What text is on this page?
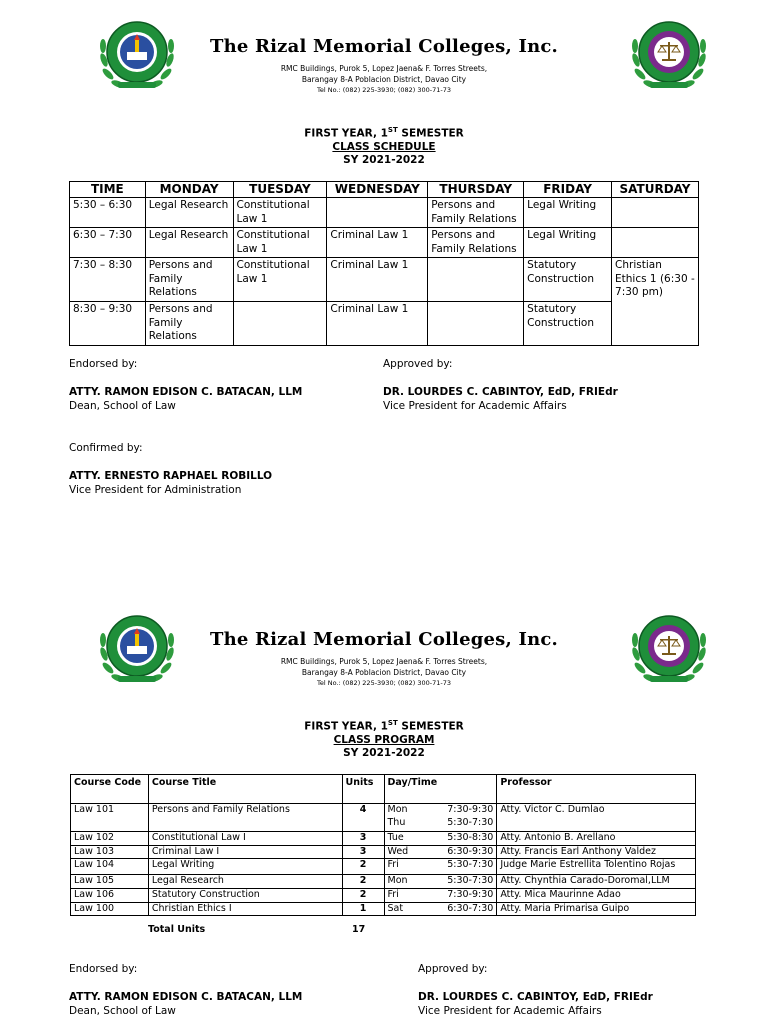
The Rizal Memorial Colleges, Inc.
RMC Buildings, Purok 5, Lopez Jaena& F. Torres Streets,
Barangay 8-A Poblacion District, Davao City
Tel No.: (082) 225-3930; (082) 300-71-73
FIRST YEAR, 1ST SEMESTER
CLASS SCHEDULE
SY 2021-2022
TIME	MONDAY	TUESDAY	WEDNESDAY	THURSDAY	FRIDAY	SATURDAY
5:30 – 6:30	Legal Research	Constitutional Law 1		Persons and Family Relations	Legal Writing	
6:30 – 7:30	Legal Research	Constitutional Law 1	Criminal Law 1	Persons and Family Relations	Legal Writing	
7:30 – 8:30	Persons and Family Relations	Constitutional Law 1	Criminal Law 1		Statutory Construction	Christian Ethics 1 (6:30 - 7:30 pm)
8:30 – 9:30	Persons and Family Relations		Criminal Law 1		Statutory Construction	
Endorsed by:
ATTY. RAMON EDISON C. BATACAN, LLM
Dean, School of Law
Approved by:
DR. LOURDES C. CABINTOY, EdD, FRIEdr
Vice President for Academic Affairs
Confirmed by:
ATTY. ERNESTO RAPHAEL ROBILLO
Vice President for Administration
The Rizal Memorial Colleges, Inc.
RMC Buildings, Purok 5, Lopez Jaena& F. Torres Streets,
Barangay 8-A Poblacion District, Davao City
Tel No.: (082) 225-3930; (082) 300-71-73
FIRST YEAR, 1ST SEMESTER
CLASS PROGRAM
SY 2021-2022
Course Code	Course Title	Units	Day/Time	Professor
Law 101	Persons and Family Relations	4	Mon 7:30-9:30
Thu 5:30-7:30	Atty. Victor C. Dumlao
Law 102	Constitutional Law I	3	Tue 5:30-8:30	Atty. Antonio B. Arellano
Law 103	Criminal Law I	3	Wed 6:30-9:30	Atty. Francis Earl Anthony Valdez
Law 104	Legal Writing	2	Fri 5:30-7:30	Judge Marie Estrellita Tolentino Rojas
Law 105	Legal Research	2	Mon 5:30-7:30	Atty. Chynthia Carado-Doromal,LLM
Law 106	Statutory Construction	2	Fri 7:30-9:30	Atty. Mica Maurinne Adao
Law 100	Christian Ethics I	1	Sat 6:30-7:30	Atty. Maria Primarisa Guipo
Total Units	17
Endorsed by:
ATTY. RAMON EDISON C. BATACAN, LLM
Dean, School of Law
Approved by:
DR. LOURDES C. CABINTOY, EdD, FRIEdr
Vice President for Academic Affairs
